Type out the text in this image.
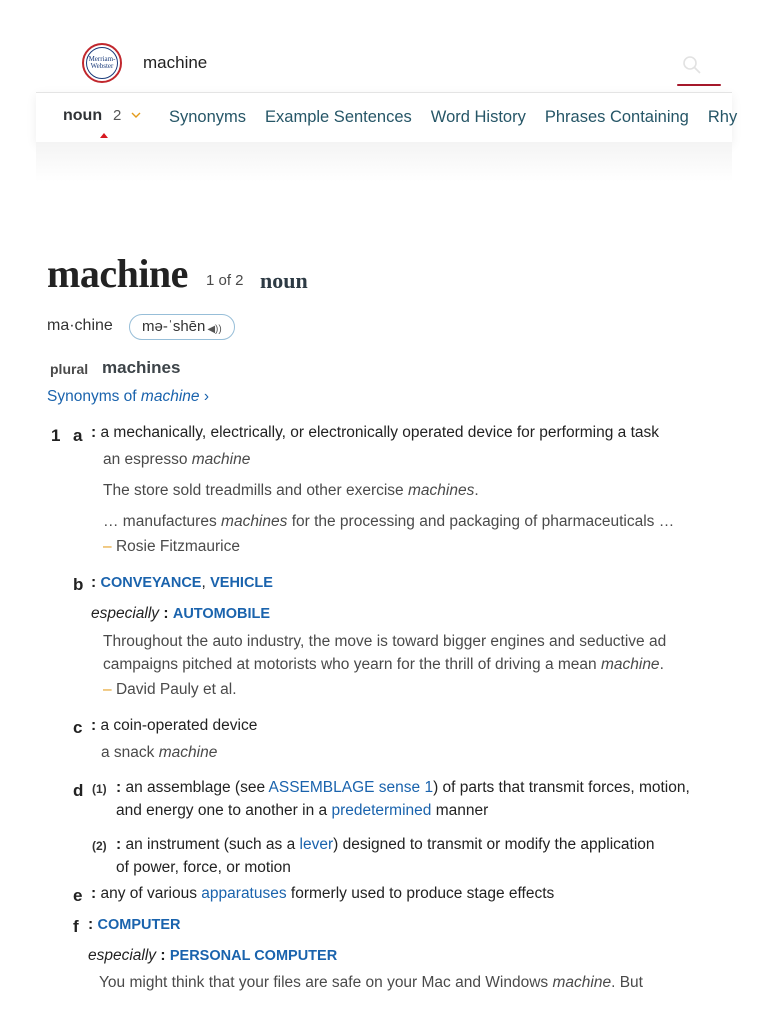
Merriam-
Webster machine
noun 2	Synonyms Example Sentences Word History Phrases Containing Rhy
machine 1 of 2 noun
ma·chine	mə-ˈshēn ◀))
plural machines
Synonyms of machine ›
1 a : a mechanically, electrically, or electronically operated device for performing a task
an espresso machine
The store sold treadmills and other exercise machines.
… manufactures machines for the processing and packaging of pharmaceuticals …
– Rosie Fitzmaurice
b : CONVEYANCE, VEHICLE
especially : AUTOMOBILE
Throughout the auto industry, the move is toward bigger engines and seductive ad
campaigns pitched at motorists who yearn for the thrill of driving a mean machine.
– David Pauly et al.
c : a coin-operated device
a snack machine
d (1) : an assemblage (see ASSEMBLAGE sense 1) of parts that transmit forces, motion,
and energy one to another in a predetermined manner
(2) : an instrument (such as a lever) designed to transmit or modify the application
of power, force, or motion
e : any of various apparatuses formerly used to produce stage effects
f : COMPUTER
especially : PERSONAL COMPUTER
You might think that your files are safe on your Mac and Windows machine. But
